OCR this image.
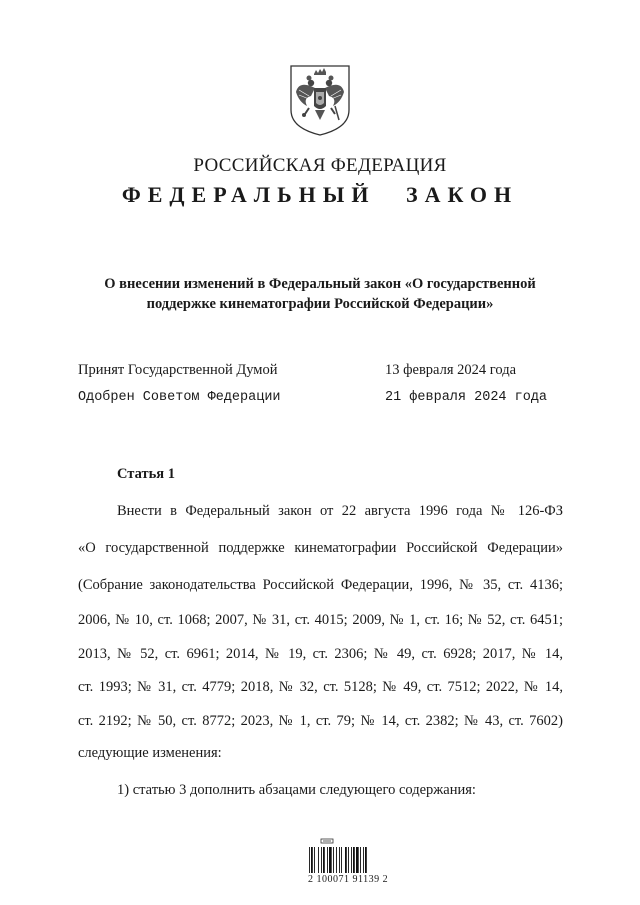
РОССИЙСКАЯ ФЕДЕРАЦИЯ
ФЕДЕРАЛЬНЫЙ ЗАКОН
О внесении изменений в Федеральный закон «О государственной
поддержке кинематографии Российской Федерации»
Принят Государственной Думой	13 февраля 2024 года
Одобрен Советом Федерации	21 февраля 2024 года
Статья 1
Внести в Федеральный закон от 22 августа 1996 года № 126-ФЗ
«О государственной поддержке кинематографии Российской Федерации»
(Собрание законодательства Российской Федерации, 1996, № 35, ст. 4136;
2006, № 10, ст. 1068; 2007, № 31, ст. 4015; 2009, № 1, ст. 16; № 52, ст. 6451;
2013, № 52, ст. 6961; 2014, № 19, ст. 2306; № 49, ст. 6928; 2017, № 14,
ст. 1993; № 31, ст. 4779; 2018, № 32, ст. 5128; № 49, ст. 7512; 2022, № 14,
ст. 2192; № 50, ст. 8772; 2023, № 1, ст. 79; № 14, ст. 2382; № 43, ст. 7602)
следующие изменения:
1) статью 3 дополнить абзацами следующего содержания:
2 100071 91139 2
